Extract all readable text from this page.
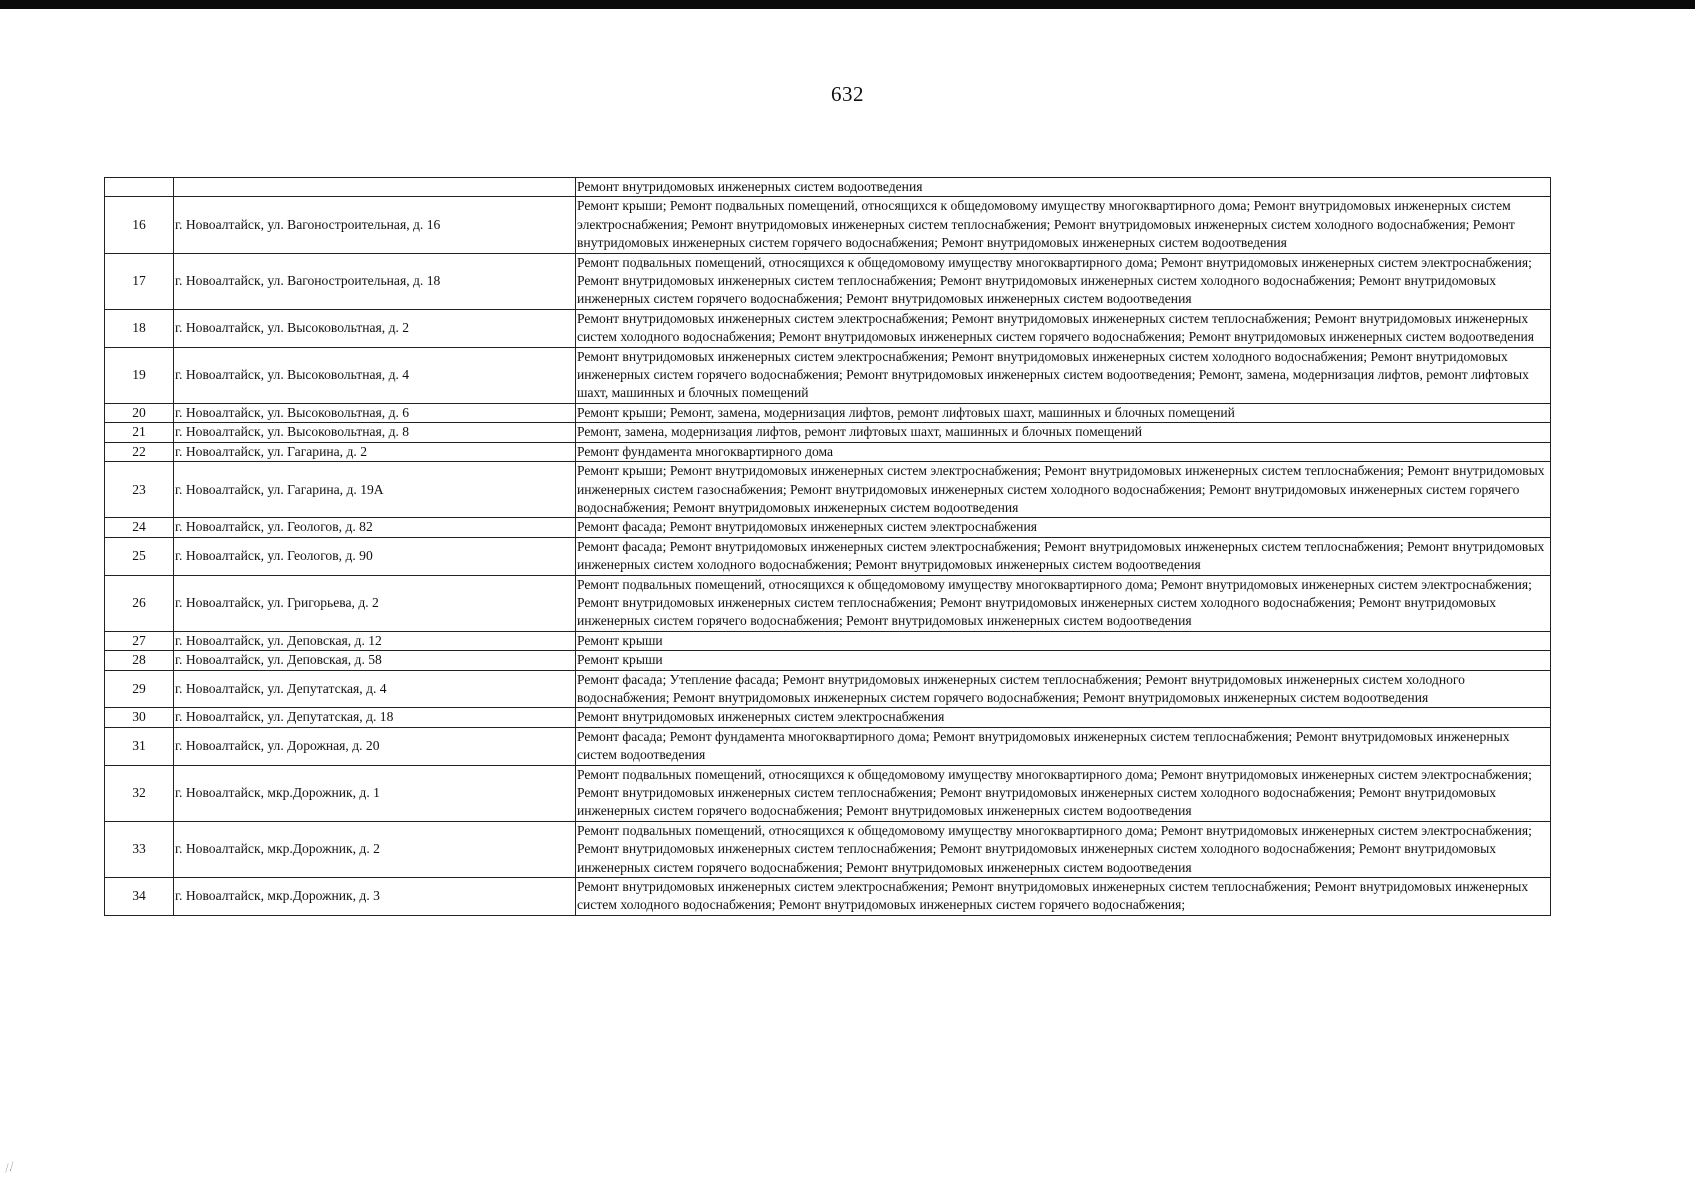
632
		Ремонт внутридомовых инженерных систем водоотведения
16	г. Новоалтайск, ул. Вагоностроительная, д. 16	Ремонт крыши; Ремонт подвальных помещений, относящихся к общедомовому имуществу многоквартирного дома; Ремонт внутридомовых инженерных систем электроснабжения; Ремонт внутридомовых инженерных систем теплоснабжения; Ремонт внутридомовых инженерных систем холодного водоснабжения; Ремонт внутридомовых инженерных систем горячего водоснабжения; Ремонт внутридомовых инженерных систем водоотведения
17	г. Новоалтайск, ул. Вагоностроительная, д. 18	Ремонт подвальных помещений, относящихся к общедомовому имуществу многоквартирного дома; Ремонт внутридомовых инженерных систем электроснабжения; Ремонт внутридомовых инженерных систем теплоснабжения; Ремонт внутридомовых инженерных систем холодного водоснабжения; Ремонт внутридомовых инженерных систем горячего водоснабжения; Ремонт внутридомовых инженерных систем водоотведения
18	г. Новоалтайск, ул. Высоковольтная, д. 2	Ремонт внутридомовых инженерных систем электроснабжения; Ремонт внутридомовых инженерных систем теплоснабжения; Ремонт внутридомовых инженерных систем холодного водоснабжения; Ремонт внутридомовых инженерных систем горячего водоснабжения; Ремонт внутридомовых инженерных систем водоотведения
19	г. Новоалтайск, ул. Высоковольтная, д. 4	Ремонт внутридомовых инженерных систем электроснабжения; Ремонт внутридомовых инженерных систем холодного водоснабжения; Ремонт внутридомовых инженерных систем горячего водоснабжения; Ремонт внутридомовых инженерных систем водоотведения; Ремонт, замена, модернизация лифтов, ремонт лифтовых шахт, машинных и блочных помещений
20	г. Новоалтайск, ул. Высоковольтная, д. 6	Ремонт крыши; Ремонт, замена, модернизация лифтов, ремонт лифтовых шахт, машинных и блочных помещений
21	г. Новоалтайск, ул. Высоковольтная, д. 8	Ремонт, замена, модернизация лифтов, ремонт лифтовых шахт, машинных и блочных помещений
22	г. Новоалтайск, ул. Гагарина, д. 2	Ремонт фундамента многоквартирного дома
23	г. Новоалтайск, ул. Гагарина, д. 19А	Ремонт крыши; Ремонт внутридомовых инженерных систем электроснабжения; Ремонт внутридомовых инженерных систем теплоснабжения; Ремонт внутридомовых инженерных систем газоснабжения; Ремонт внутридомовых инженерных систем холодного водоснабжения; Ремонт внутридомовых инженерных систем горячего водоснабжения; Ремонт внутридомовых инженерных систем водоотведения
24	г. Новоалтайск, ул. Геологов, д. 82	Ремонт фасада; Ремонт внутридомовых инженерных систем электроснабжения
25	г. Новоалтайск, ул. Геологов, д. 90	Ремонт фасада; Ремонт внутридомовых инженерных систем электроснабжения; Ремонт внутридомовых инженерных систем теплоснабжения; Ремонт внутридомовых инженерных систем холодного водоснабжения; Ремонт внутридомовых инженерных систем водоотведения
26	г. Новоалтайск, ул. Григорьева, д. 2	Ремонт подвальных помещений, относящихся к общедомовому имуществу многоквартирного дома; Ремонт внутридомовых инженерных систем электроснабжения; Ремонт внутридомовых инженерных систем теплоснабжения; Ремонт внутридомовых инженерных систем холодного водоснабжения; Ремонт внутридомовых инженерных систем горячего водоснабжения; Ремонт внутридомовых инженерных систем водоотведения
27	г. Новоалтайск, ул. Деповская, д. 12	Ремонт крыши
28	г. Новоалтайск, ул. Деповская, д. 58	Ремонт крыши
29	г. Новоалтайск, ул. Депутатская, д. 4	Ремонт фасада; Утепление фасада; Ремонт внутридомовых инженерных систем теплоснабжения; Ремонт внутридомовых инженерных систем холодного водоснабжения; Ремонт внутридомовых инженерных систем горячего водоснабжения; Ремонт внутридомовых инженерных систем водоотведения
30	г. Новоалтайск, ул. Депутатская, д. 18	Ремонт внутридомовых инженерных систем электроснабжения
31	г. Новоалтайск, ул. Дорожная, д. 20	Ремонт фасада; Ремонт фундамента многоквартирного дома; Ремонт внутридомовых инженерных систем теплоснабжения; Ремонт внутридомовых инженерных систем водоотведения
32	г. Новоалтайск, мкр.Дорожник, д. 1	Ремонт подвальных помещений, относящихся к общедомовому имуществу многоквартирного дома; Ремонт внутридомовых инженерных систем электроснабжения; Ремонт внутридомовых инженерных систем теплоснабжения; Ремонт внутридомовых инженерных систем холодного водоснабжения; Ремонт внутридомовых инженерных систем горячего водоснабжения; Ремонт внутридомовых инженерных систем водоотведения
33	г. Новоалтайск, мкр.Дорожник, д. 2	Ремонт подвальных помещений, относящихся к общедомовому имуществу многоквартирного дома; Ремонт внутридомовых инженерных систем электроснабжения; Ремонт внутридомовых инженерных систем теплоснабжения; Ремонт внутридомовых инженерных систем холодного водоснабжения; Ремонт внутридомовых инженерных систем горячего водоснабжения; Ремонт внутридомовых инженерных систем водоотведения
34	г. Новоалтайск, мкр.Дорожник, д. 3	Ремонт внутридомовых инженерных систем электроснабжения; Ремонт внутридомовых инженерных систем теплоснабжения; Ремонт внутридомовых инженерных систем холодного водоснабжения; Ремонт внутридомовых инженерных систем горячего водоснабжения;
⁄.⁄
